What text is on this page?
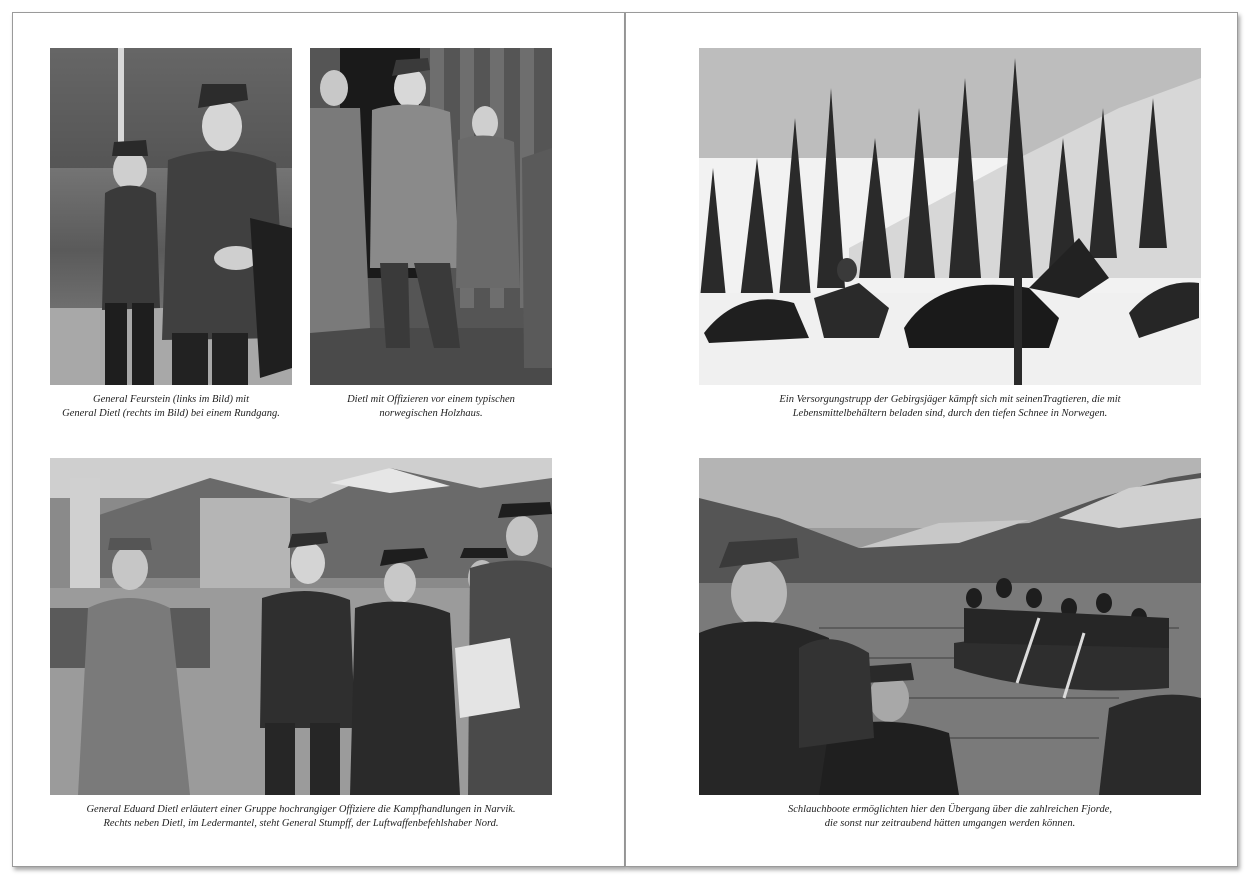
General Feurstein (links im Bild) mit
General Dietl (rechts im Bild) bei einem Rundgang.
Dietl mit Offizieren vor einem typischen
norwegischen Holzhaus.
General Eduard Dietl erläutert einer Gruppe hochrangiger Offiziere die Kampfhandlungen in Narvik.
Rechts neben Dietl, im Ledermantel, steht General Stumpff, der Luftwaffenbefehlshaber Nord.
Ein Versorgungstrupp der Gebirgsjäger kämpft sich mit seinenTragtieren, die mit
Lebensmittelbehältern beladen sind, durch den tiefen Schnee in Norwegen.
Schlauchboote ermöglichten hier den Übergang über die zahlreichen Fjorde,
die sonst nur zeitraubend hätten umgangen werden können.
